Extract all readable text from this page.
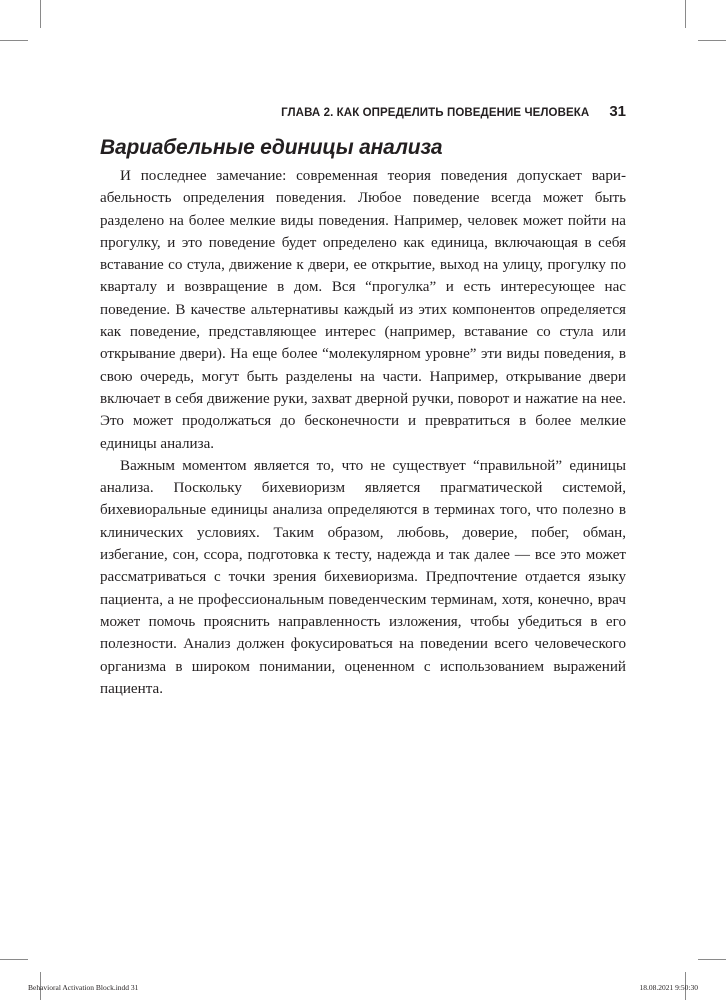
ГЛАВА 2. КАК ОПРЕДЕЛИТЬ ПОВЕДЕНИЕ ЧЕЛОВЕКА 31
Вариабельные единицы анализа

И последнее замечание: современная теория поведения допускает вариабельность определения поведения. Любое поведение всегда может быть разделено на более мелкие виды поведения. Например, человек может пойти на прогулку, и это поведение будет определено как единица, включающая в себя вставание со стула, движение к двери, ее открытие, выход на улицу, прогулку по кварталу и возвращение в дом. Вся “прогулка” и есть интересующее нас поведение. В качестве альтернативы каждый из этих компонентов определяется как поведение, представляющее интерес (например, вставание со стула или открывание двери). На еще более “молекулярном уровне” эти виды поведения, в свою очередь, могут быть разделены на части. Например, открывание двери включает в себя движение руки, захват дверной ручки, поворот и нажатие на нее. Это может продолжаться до бесконечности и превратиться в более мелкие единицы анализа.

Важным моментом является то, что не существует “правильной” единицы анализа. Поскольку бихевиоризм является прагматической системой, бихевиоральные единицы анализа определяются в терминах того, что полезно в клинических условиях. Таким образом, любовь, доверие, побег, обман, избегание, сон, ссора, подготовка к тесту, надежда и так далее — все это может рассматриваться с точки зрения бихевиоризма. Предпочтение отдается языку пациента, а не профессиональным поведенческим терминам, хотя, конечно, врач может помочь прояснить направленность изложения, чтобы убедиться в его полезности. Анализ должен фокусироваться на поведении всего человеческого организма в широком понимании, оцененном с использованием выражений пациента.

Behavioral Activation Block.indd 31	18.08.2021 9:50:30
